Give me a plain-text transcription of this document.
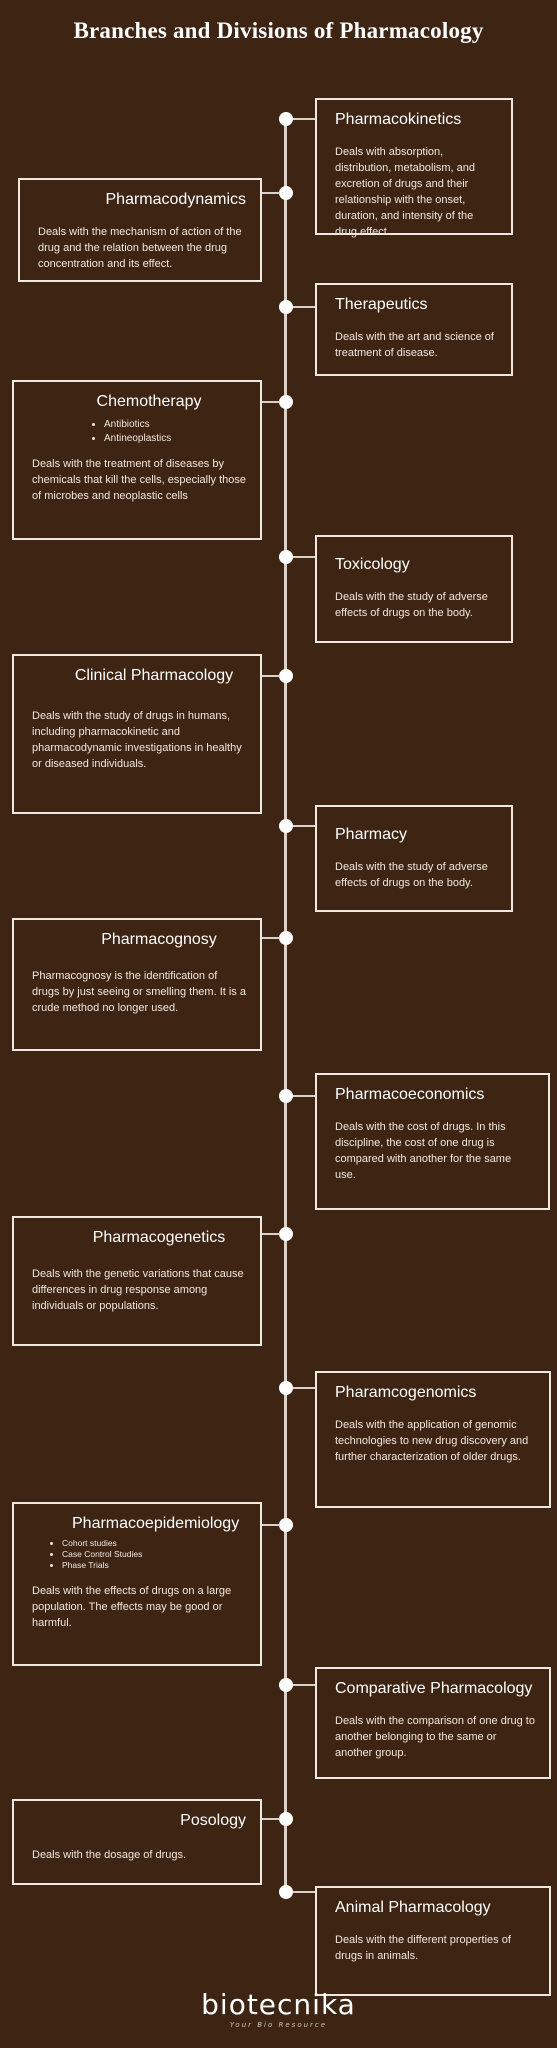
Branches and Divisions of Pharmacology
Pharmacokinetics

Deals with absorption, distribution, metabolism, and excretion of drugs and their relationship with the onset, duration, and intensity of the drug effect.

Pharmacodynamics

Deals with the mechanism of action of the drug and the relation between the drug concentration and its effect.

Therapeutics

Deals with the art and science of treatment of disease.

Chemotherapy
• Antibiotics
• Antineoplastics

Deals with the treatment of diseases by chemicals that kill the cells, especially those of microbes and neoplastic cells

Toxicology

Deals with the study of adverse effects of drugs on the body.

Clinical Pharmacology

Deals with the study of drugs in humans, including pharmacokinetic and pharmacodynamic investigations in healthy or diseased individuals.

Pharmacy

Deals with the study of adverse effects of drugs on the body.

Pharmacognosy

Pharmacognosy is the identification of drugs by just seeing or smelling them. It is a crude method no longer used.

Pharmacoeconomics

Deals with the cost of drugs. In this discipline, the cost of one drug is compared with another for the same use.

Pharmacogenetics

Deals with the genetic variations that cause differences in drug response among individuals or populations.

Pharamcogenomics

Deals with the application of genomic technologies to new drug discovery and further characterization of older drugs.

Pharmacoepidemiology
• Cohort studies
• Case Control Studies
• Phase Trials

Deals with the effects of drugs on a large population. The effects may be good or harmful.

Comparative Pharmacology

Deals with the comparison of one drug to another belonging to the same or another group.

Posology

Deals with the dosage of drugs.

Animal Pharmacology

Deals with the different properties of drugs in animals.

biotecnika
Your Bio Resource
